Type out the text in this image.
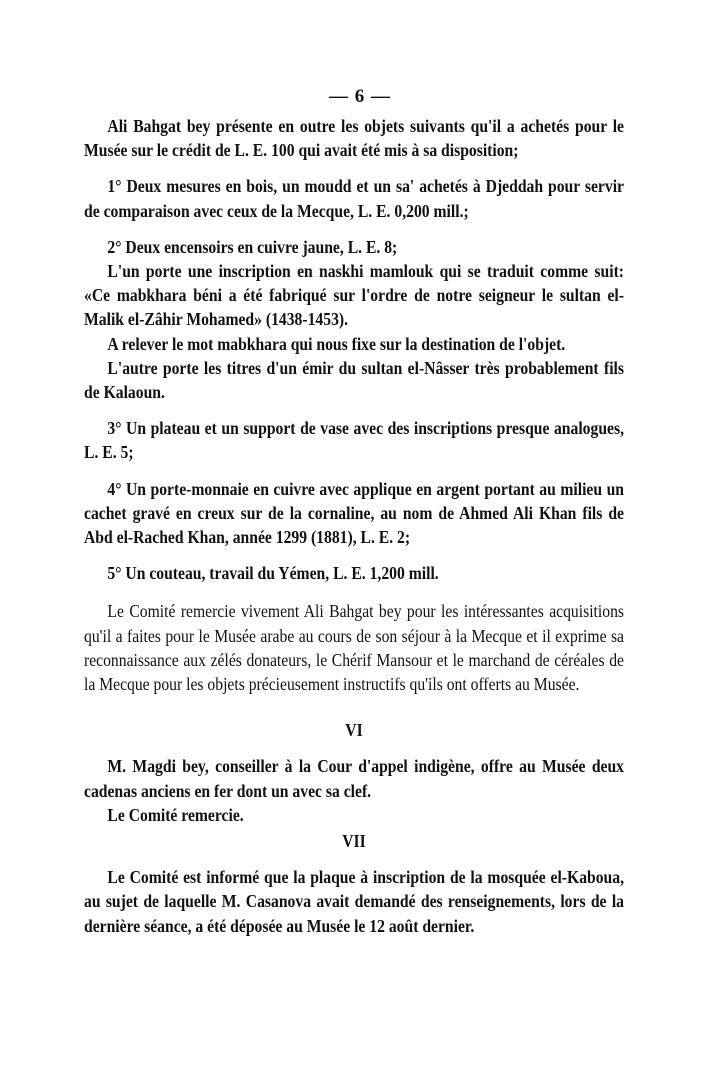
— 6 —

Ali Bahgat bey présente en outre les objets suivants qu'il a achetés pour le Musée sur le crédit de L. E. 100 qui avait été mis à sa disposition;

1° Deux mesures en bois, un moudd et un sa' achetés à Djeddah pour servir de comparaison avec ceux de la Mecque, L. E. 0,200 mill.;

2° Deux encensoirs en cuivre jaune, L. E. 8;

L'un porte une inscription en naskhi mamlouk qui se traduit comme suit: «Ce mabkhara béni a été fabriqué sur l'ordre de notre seigneur le sultan el-Malik el-Zâhir Mohamed» (1438-1453).

A relever le mot mabkhara qui nous fixe sur la destination de l'objet.

L'autre porte les titres d'un émir du sultan el-Nâsser très probablement fils de Kalaoun.

3° Un plateau et un support de vase avec des inscriptions presque analogues, L. E. 5;

4° Un porte-monnaie en cuivre avec applique en argent portant au milieu un cachet gravé en creux sur de la cornaline, au nom de Ahmed Ali Khan fils de Abd el-Rached Khan, année 1299 (1881), L. E. 2;

5° Un couteau, travail du Yémen, L. E. 1,200 mill.

Le Comité remercie vivement Ali Bahgat bey pour les intéressantes acquisitions qu'il a faites pour le Musée arabe au cours de son séjour à la Mecque et il exprime sa reconnaissance aux zélés donateurs, le Chérif Mansour et le marchand de céréales de la Mecque pour les objets précieusement instructifs qu'ils ont offerts au Musée.

VI

M. Magdi bey, conseiller à la Cour d'appel indigène, offre au Musée deux cadenas anciens en fer dont un avec sa clef.

Le Comité remercie.

VII

Le Comité est informé que la plaque à inscription de la mosquée el-Kaboua, au sujet de laquelle M. Casanova avait demandé des renseignements, lors de la dernière séance, a été déposée au Musée le 12 août dernier.
